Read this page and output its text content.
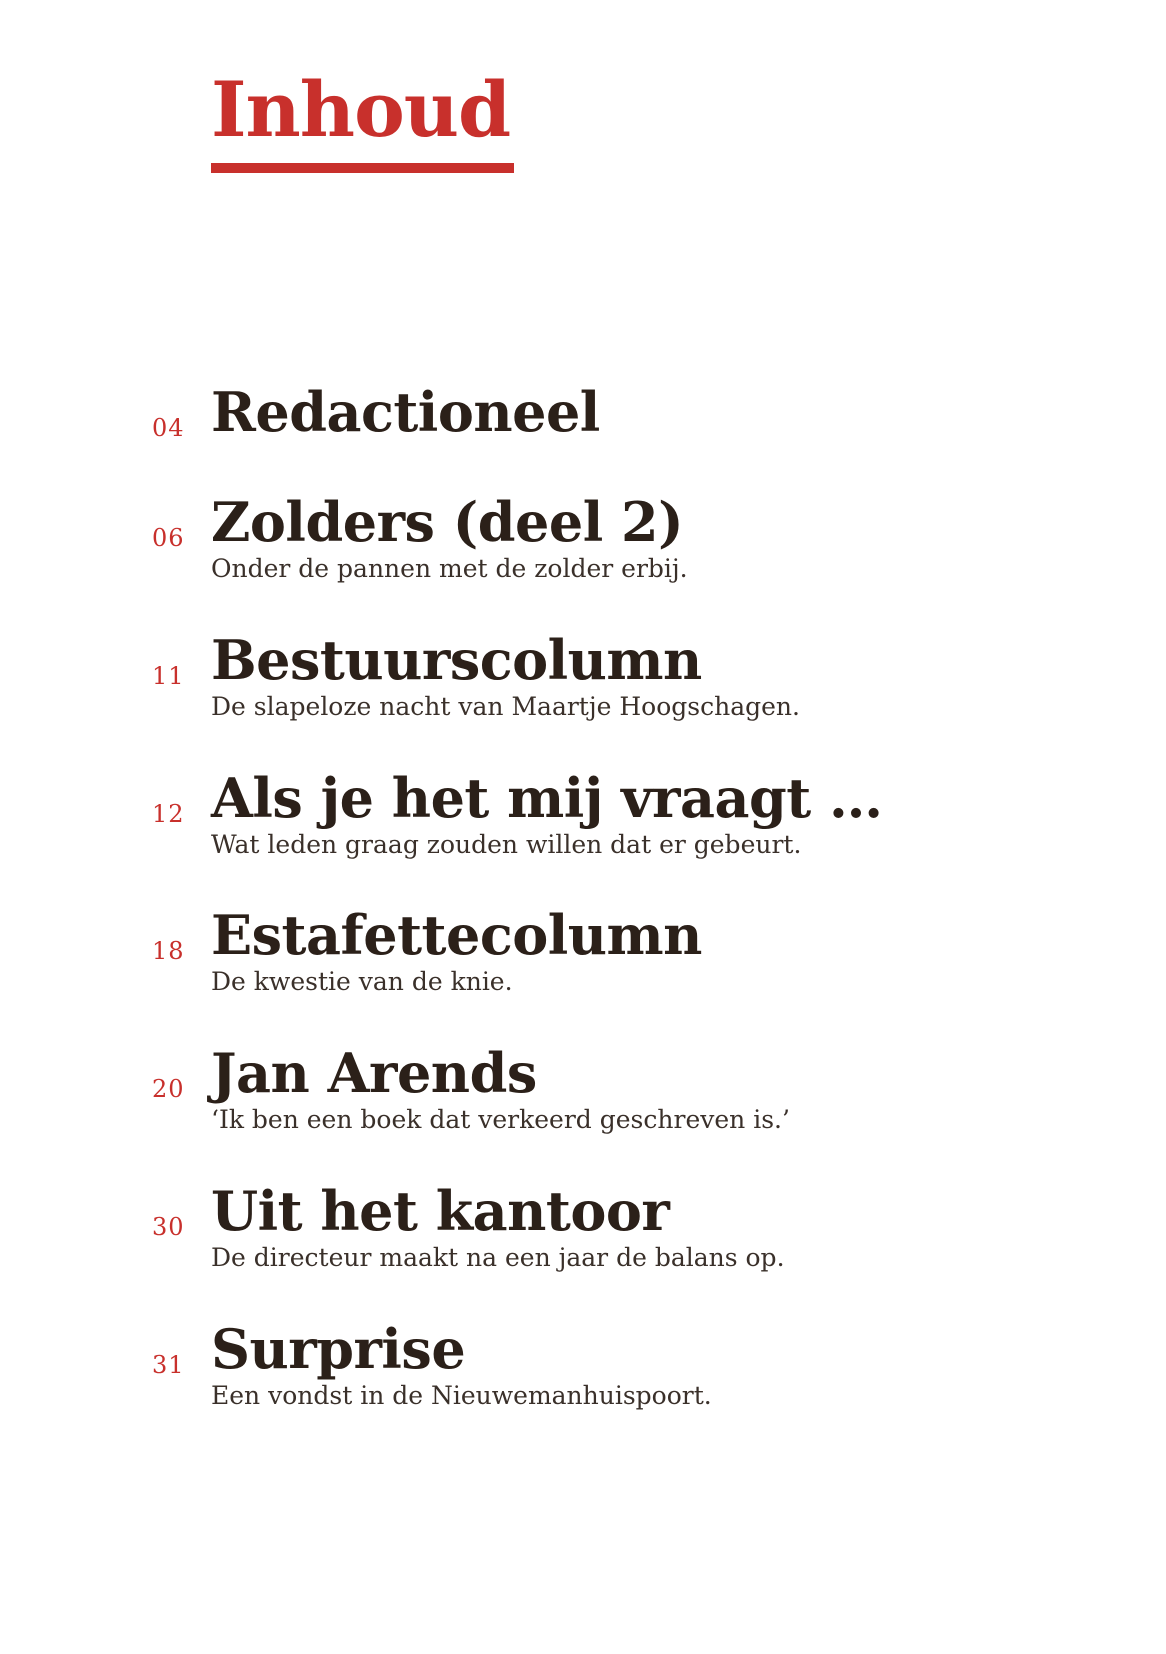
Inhoud
04 Redactioneel
06 Zolders (deel 2)

Onder de pannen met de zolder erbij.

11 Bestuurscolumn

De slapeloze nacht van Maartje Hoogschagen.

12 Als je het mij vraagt …

Wat leden graag zouden willen dat er gebeurt.

18 Estafettecolumn

De kwestie van de knie.

20 Jan Arends

‘Ik ben een boek dat verkeerd geschreven is.’

30 Uit het kantoor

De directeur maakt na een jaar de balans op.

31 Surprise

Een vondst in de Nieuwemanhuispoort.
